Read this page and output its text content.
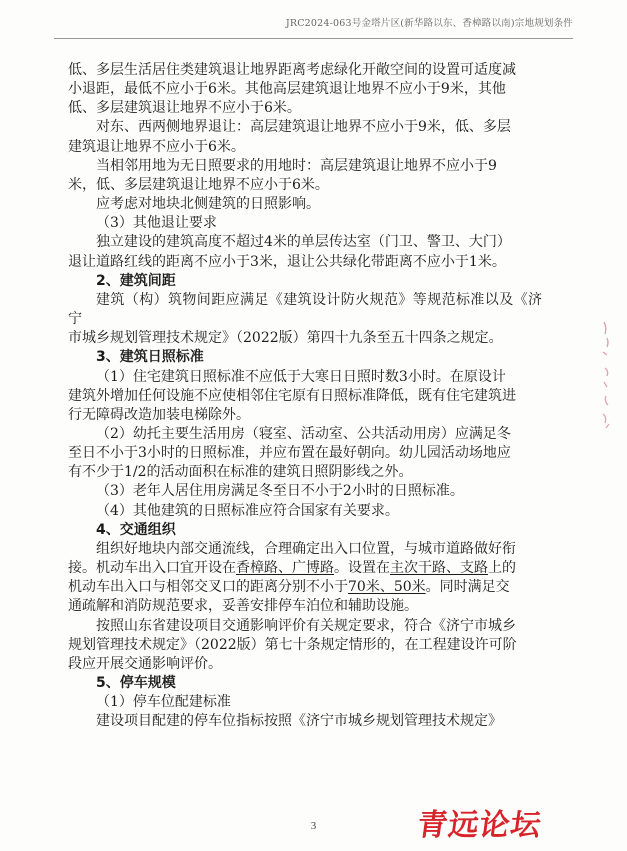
JRC2024-063号金塔片区(新华路以东、香樟路以南)宗地规划条件

低、多层生活居住类建筑退让地界距离考虑绿化开敞空间的设置可适度减

小退距，最低不应小于6米。其他高层建筑退让地界不应小于9米，其他

低、多层建筑退让地界不应小于6米。

对东、西两侧地界退让：高层建筑退让地界不应小于9米，低、多层

建筑退让地界不应小于6米。

当相邻用地为无日照要求的用地时：高层建筑退让地界不应小于9

米，低、多层建筑退让地界不应小于6米。

应考虑对地块北侧建筑的日照影响。

（3）其他退让要求

独立建设的建筑高度不超过4米的单层传达室（门卫、警卫、大门）

退让道路红线的距离不应小于3米，退让公共绿化带距离不应小于1米。

2、建筑间距

建筑（构）筑物间距应满足《建筑设计防火规范》等规范标准以及《济宁

市城乡规划管理技术规定》（2022版）第四十九条至五十四条之规定。

3、建筑日照标准

（1）住宅建筑日照标准不应低于大寒日日照时数3小时。在原设计

建筑外增加任何设施不应使相邻住宅原有日照标准降低，既有住宅建筑进

行无障碍改造加装电梯除外。

（2）幼托主要生活用房（寝室、活动室、公共活动用房）应满足冬

至日不小于3小时的日照标准，并应布置在最好朝向。幼儿园活动场地应

有不少于1/2的活动面积在标准的建筑日照阴影线之外。

（3）老年人居住用房满足冬至日不小于2小时的日照标准。

（4）其他建筑的日照标准应符合国家有关要求。

4、交通组织

组织好地块内部交通流线，合理确定出入口位置，与城市道路做好衔

接。机动车出入口宜开设在香樟路、广博路。设置在主次干路、支路上的

机动车出入口与相邻交叉口的距离分别不小于70米、50米。同时满足交

通疏解和消防规范要求，妥善安排停车泊位和辅助设施。

按照山东省建设项目交通影响评价有关规定要求，符合《济宁市城乡

规划管理技术规定》（2022版）第七十条规定情形的，在工程建设许可阶

段应开展交通影响评价。

5、停车规模

（1）停车位配建标准

建设项目配建的停车位指标按照《济宁市城乡规划管理技术规定》

3	青远论坛
